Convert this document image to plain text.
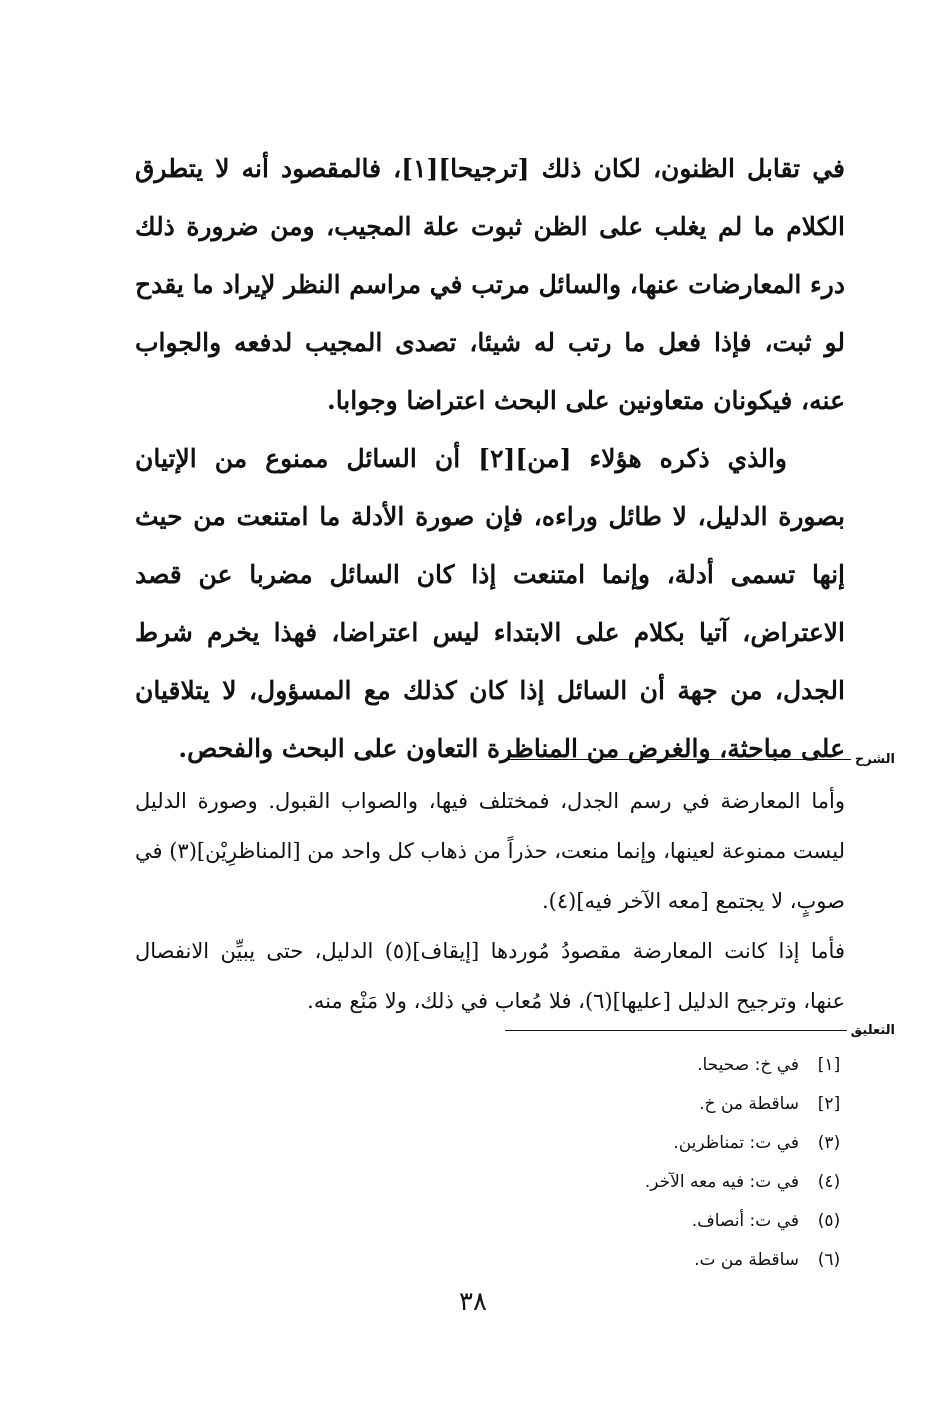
في تقابل الظنون، لكان ذلك [ترجيحا][١]، فالمقصود أنه لا يتطرق الكلام ما لم يغلب على الظن ثبوت علة المجيب، ومن ضرورة ذلك درء المعارضات عنها، والسائل مرتب في مراسم النظر لإيراد ما يقدح لو ثبت، فإذا فعل ما رتب له شيئا، تصدى المجيب لدفعه والجواب عنه، فيكونان متعاونين على البحث اعتراضا وجوابا.

والذي ذكره هؤلاء [من][٢] أن السائل ممنوع من الإتيان بصورة الدليل، لا طائل وراءه، فإن صورة الأدلة ما امتنعت من حيث إنها تسمى أدلة، وإنما امتنعت إذا كان السائل مضربا عن قصد الاعتراض، آتيا بكلام على الابتداء ليس اعتراضا، فهذا يخرم شرط الجدل، من جهة أن السائل إذا كان كذلك مع المسؤول، لا يتلاقيان على مباحثة، والغرض من المناظرة التعاون على البحث والفحص. الشرح

وأما المعارضة في رسم الجدل، فمختلف فيها، والصواب القبول. وصورة الدليل ليست ممنوعة لعينها، وإنما منعت، حذراً من ذهاب كل واحد من [المناظرِيْن](٣) في صوبٍ، لا يجتمع [معه الآخر فيه](٤).

فأما إذا كانت المعارضة مقصودُ مُوردها [إيقاف](٥) الدليل، حتى يبيِّن الانفصال عنها، وترجيح الدليل [عليها](٦)، فلا مُعاب في ذلك، ولا مَنْع منه.

التعليق
[١]
في خ: صحيحا.
[٢]
ساقطة من خ.
(٣)
في ت: تمناظرين.
(٤)
في ت: فيه معه الآخر.
(٥)
في ت: أنصاف.
(٦)
ساقطة من ت.
٣٨
